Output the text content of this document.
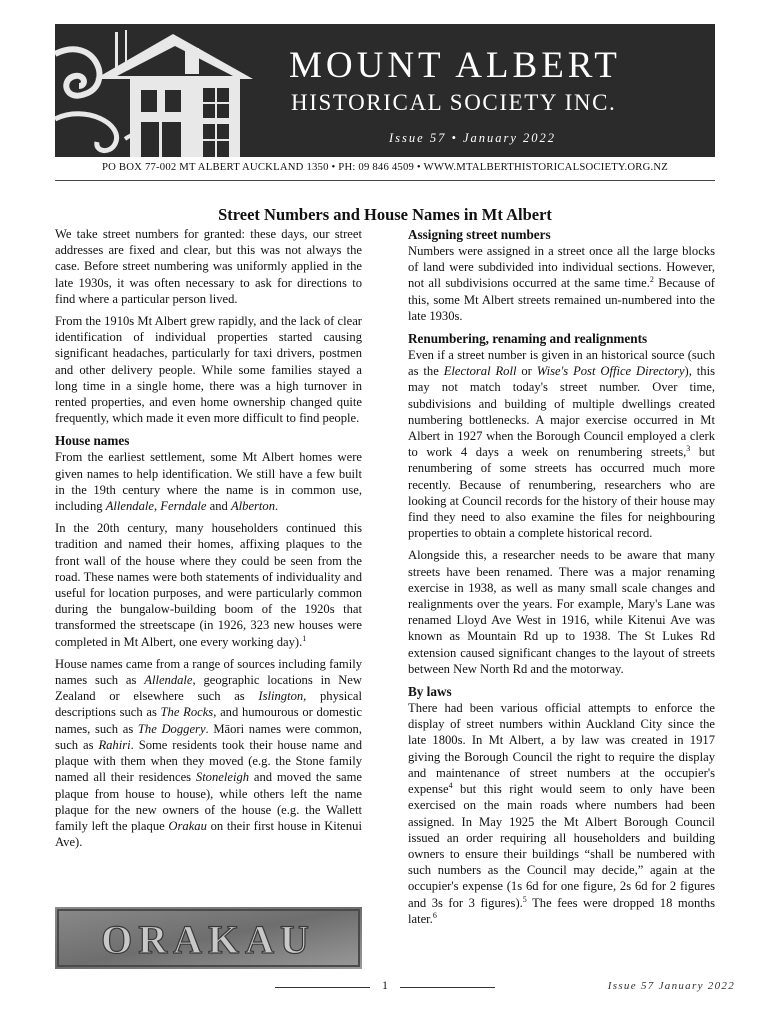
MOUNT ALBERT
HISTORICAL SOCIETY INC.
Issue 57 • January 2022
PO BOX 77-002 MT ALBERT AUCKLAND 1350 • PH: 09 846 4509 • WWW.MTALBERTHISTORICALSOCIETY.ORG.NZ
Street Numbers and House Names in Mt Albert

We take street numbers for granted: these days, our street addresses are fixed and clear, but this was not always the case. Before street numbering was uniformly applied in the late 1930s, it was often necessary to ask for directions to find where a particular person lived.

From the 1910s Mt Albert grew rapidly, and the lack of clear identification of individual properties started causing significant headaches, particularly for taxi drivers, postmen and other delivery people. While some families stayed a long time in a single home, there was a high turnover in rented properties, and even home ownership changed quite frequently, which made it even more difficult to find people.

House names

From the earliest settlement, some Mt Albert homes were given names to help identification. We still have a few built in the 19th century where the name is in common use, including Allendale, Ferndale and Alberton.

In the 20th century, many householders continued this tradition and named their homes, affixing plaques to the front wall of the house where they could be seen from the road. These names were both statements of individuality and useful for location purposes, and were particularly common during the bungalow-building boom of the 1920s that transformed the streetscape (in 1926, 323 new houses were completed in Mt Albert, one every working day).$^1$

House names came from a range of sources including family names such as Allendale, geographic locations in New Zealand or elsewhere such as Islington, physical descriptions such as The Rocks, and humourous or domestic names, such as The Doggery. Māori names were common, such as Rahiri. Some residents took their house name and plaque with them when they moved (e.g. the Stone family named all their residences Stoneleigh and moved the same plaque from house to house), while others left the name plaque for the new owners of the house (e.g. the Wallett family left the plaque Orakau on their first house in Kitenui Ave).

ORAKAU
Assigning street numbers

Numbers were assigned in a street once all the large blocks of land were subdivided into individual sections. However, not all subdivisions occurred at the same time.$^2$ Because of this, some Mt Albert streets remained un-numbered into the late 1930s.

Renumbering, renaming and realignments

Even if a street number is given in an historical source (such as the Electoral Roll or Wise's Post Office Directory), this may not match today's street number. Over time, subdivisions and building of multiple dwellings created numbering bottlenecks. A major exercise occurred in Mt Albert in 1927 when the Borough Council employed a clerk to work 4 days a week on renumbering streets,$^3$ but renumbering of some streets has occurred much more recently. Because of renumbering, researchers who are looking at Council records for the history of their house may find they need to also examine the files for neighbouring properties to obtain a complete historical record.

Alongside this, a researcher needs to be aware that many streets have been renamed. There was a major renaming exercise in 1938, as well as many small scale changes and realignments over the years. For example, Mary's Lane was renamed Lloyd Ave West in 1916, while Kitenui Ave was known as Mountain Rd up to 1938. The St Lukes Rd extension caused significant changes to the layout of streets between New North Rd and the motorway.

By laws

There had been various official attempts to enforce the display of street numbers within Auckland City since the late 1800s. In Mt Albert, a by law was created in 1917 giving the Borough Council the right to require the display and maintenance of street numbers at the occupier's expense$^4$ but this right would seem to only have been exercised on the main roads where numbers had been assigned. In May 1925 the Mt Albert Borough Council issued an order requiring all householders and building owners to ensure their buildings “shall be numbered with such numbers as the Council may decide,” again at the occupier's expense (1s 6d for one figure, 2s 6d for 2 figures and 3s for 3 figures).$^5$ The fees were dropped 18 months later.$^6$

1	Issue 57 January 2022
